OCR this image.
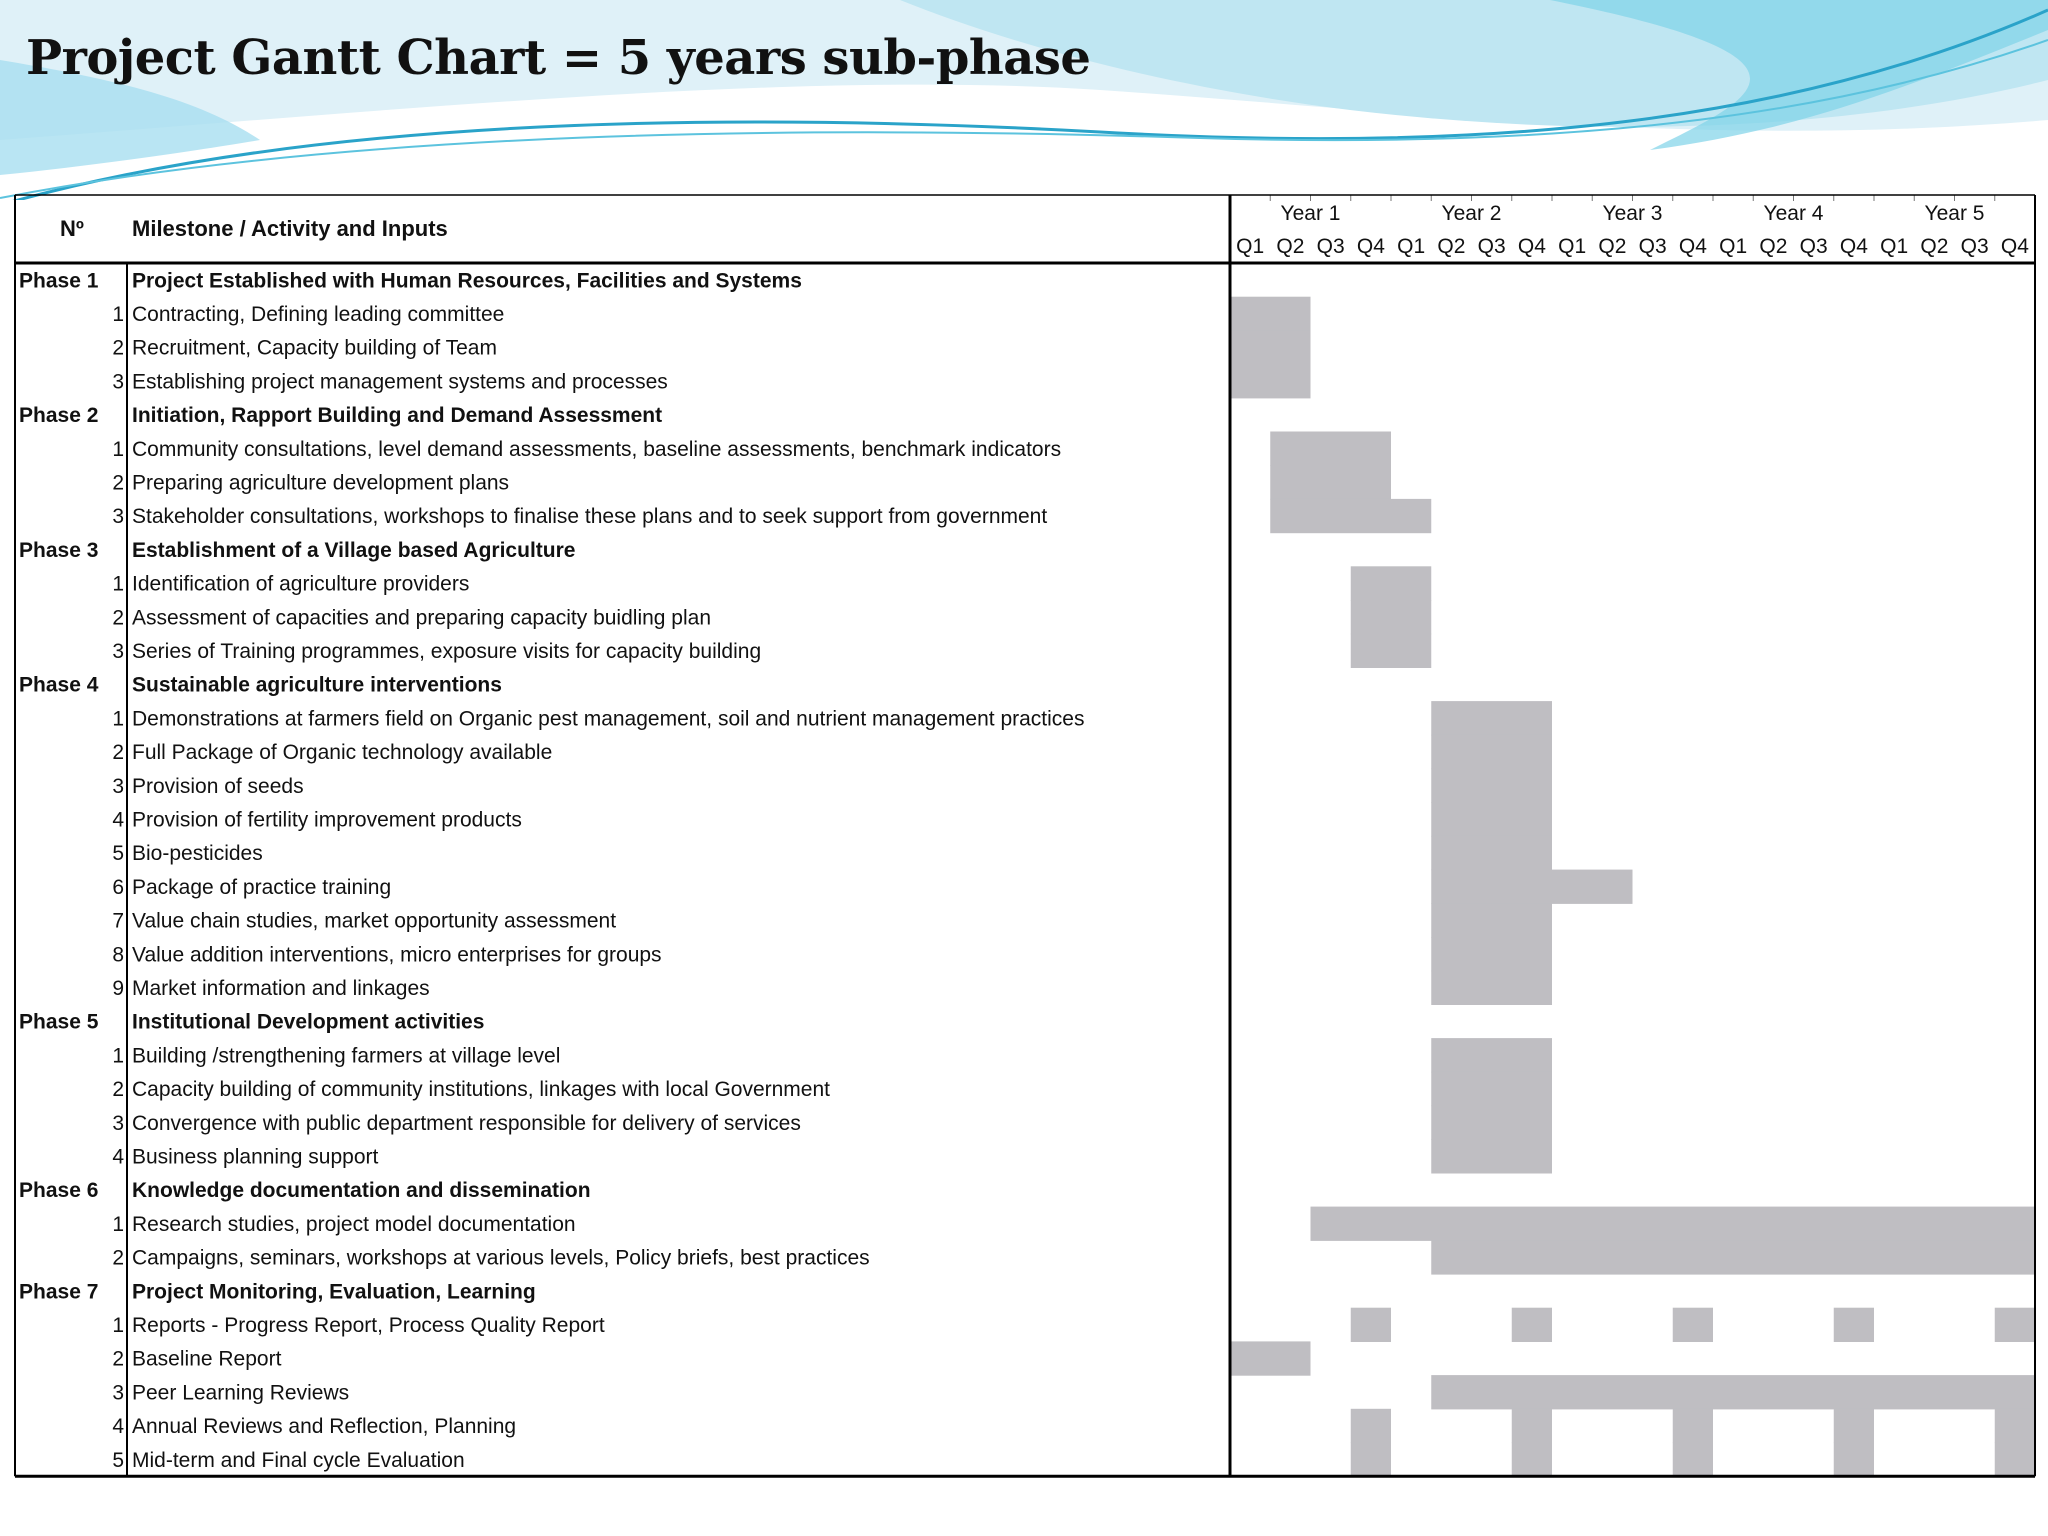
Project Gantt Chart = 5 years sub-phase
Nº Milestone / Activity and Inputs
Year 1	Year 2	Year 3	Year 4	Year 5
Q1 Q2 Q3 Q4 Q1 Q2 Q3 Q4 Q1 Q2 Q3 Q4 Q1 Q2 Q3 Q4 Q1 Q2 Q3 Q4
Phase 1 Project Established with Human Resources, Facilities and Systems
1 Contracting, Defining leading committee
2 Recruitment, Capacity building of Team
3 Establishing project management systems and processes
Phase 2 Initiation, Rapport Building and Demand Assessment
1 Community consultations, level demand assessments, baseline assessments, benchmark indicators
2 Preparing agriculture development plans
3 Stakeholder consultations, workshops to finalise these plans and to seek support from government
Phase 3 Establishment of a Village based Agriculture
1 Identification of agriculture providers
2 Assessment of capacities and preparing capacity buidling plan
3 Series of Training programmes, exposure visits for capacity building
Phase 4 Sustainable agriculture interventions
1 Demonstrations at farmers field on Organic pest management, soil and nutrient management practices
2 Full Package of Organic technology available
3 Provision of seeds
4 Provision of fertility improvement products
5 Bio-pesticides
6 Package of practice training
7 Value chain studies, market opportunity assessment
8 Value addition interventions, micro enterprises for groups
9 Market information and linkages
Phase 5 Institutional Development activities
1 Building /strengthening farmers at village level
2 Capacity building of community institutions, linkages with local Government
3 Convergence with public department responsible for delivery of services
4 Business planning support
Phase 6 Knowledge documentation and dissemination
1 Research studies, project model documentation
2 Campaigns, seminars, workshops at various levels, Policy briefs, best practices
Phase 7 Project Monitoring, Evaluation, Learning
1 Reports - Progress Report, Process Quality Report
2 Baseline Report
3 Peer Learning Reviews
4 Annual Reviews and Reflection, Planning
5 Mid-term and Final cycle Evaluation
